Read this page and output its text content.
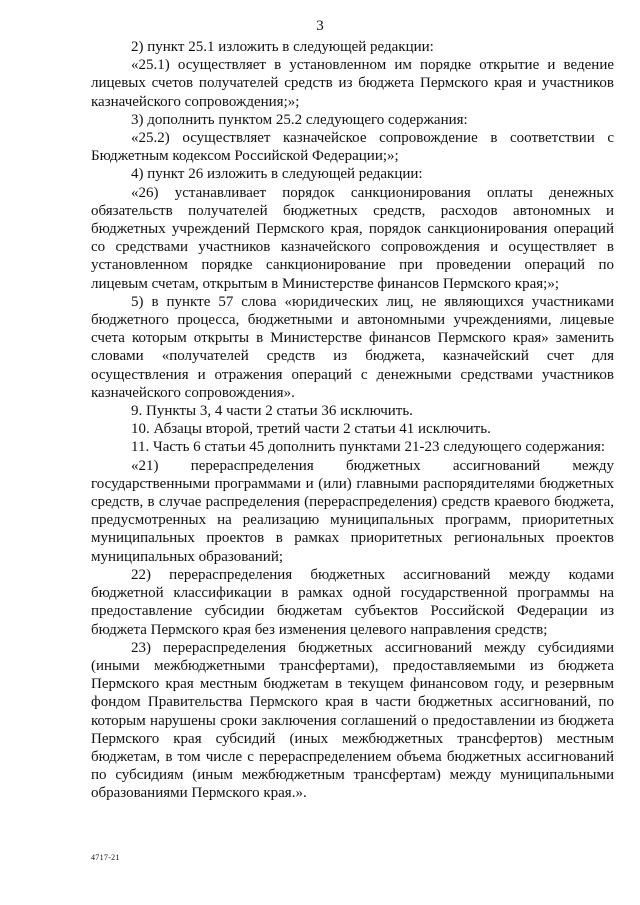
3

2) пункт 25.1 изложить в следующей редакции:

«25.1) осуществляет в установленном им порядке открытие и ведение лицевых счетов получателей средств из бюджета Пермского края и участников казначейского сопровождения;»;

3) дополнить пунктом 25.2 следующего содержания:

«25.2) осуществляет казначейское сопровождение в соответствии с Бюджетным кодексом Российской Федерации;»;

4) пункт 26 изложить в следующей редакции:

«26) устанавливает порядок санкционирования оплаты денежных обязательств получателей бюджетных средств, расходов автономных и бюджетных учреждений Пермского края, порядок санкционирования операций со средствами участников казначейского сопровождения и осуществляет в установленном порядке санкционирование при проведении операций по лицевым счетам, открытым в Министерстве финансов Пермского края;»;

5) в пункте 57 слова «юридических лиц, не являющихся участниками бюджетного процесса, бюджетными и автономными учреждениями, лицевые счета которым открыты в Министерстве финансов Пермского края» заменить словами «получателей средств из бюджета, казначейский счет для осуществления и отражения операций с денежными средствами участников казначейского сопровождения».

9. Пункты 3, 4 части 2 статьи 36 исключить.

10. Абзацы второй, третий части 2 статьи 41 исключить.

11. Часть 6 статьи 45 дополнить пунктами 21-23 следующего содержания:

«21) перераспределения бюджетных ассигнований между государственными программами и (или) главными распорядителями бюджетных средств, в случае распределения (перераспределения) средств краевого бюджета, предусмотренных на реализацию муниципальных программ, приоритетных муниципальных проектов в рамках приоритетных региональных проектов муниципальных образований;

22) перераспределения бюджетных ассигнований между кодами бюджетной классификации в рамках одной государственной программы на предоставление субсидии бюджетам субъектов Российской Федерации из бюджета Пермского края без изменения целевого направления средств;

23) перераспределения бюджетных ассигнований между субсидиями (иными межбюджетными трансфертами), предоставляемыми из бюджета Пермского края местным бюджетам в текущем финансовом году, и резервным фондом Правительства Пермского края в части бюджетных ассигнований, по которым нарушены сроки заключения соглашений о предоставлении из бюджета Пермского края субсидий (иных межбюджетных трансфертов) местным бюджетам, в том числе с перераспределением объема бюджетных ассигнований по субсидиям (иным межбюджетным трансфертам) между муниципальными образованиями Пермского края.».

4717-21
